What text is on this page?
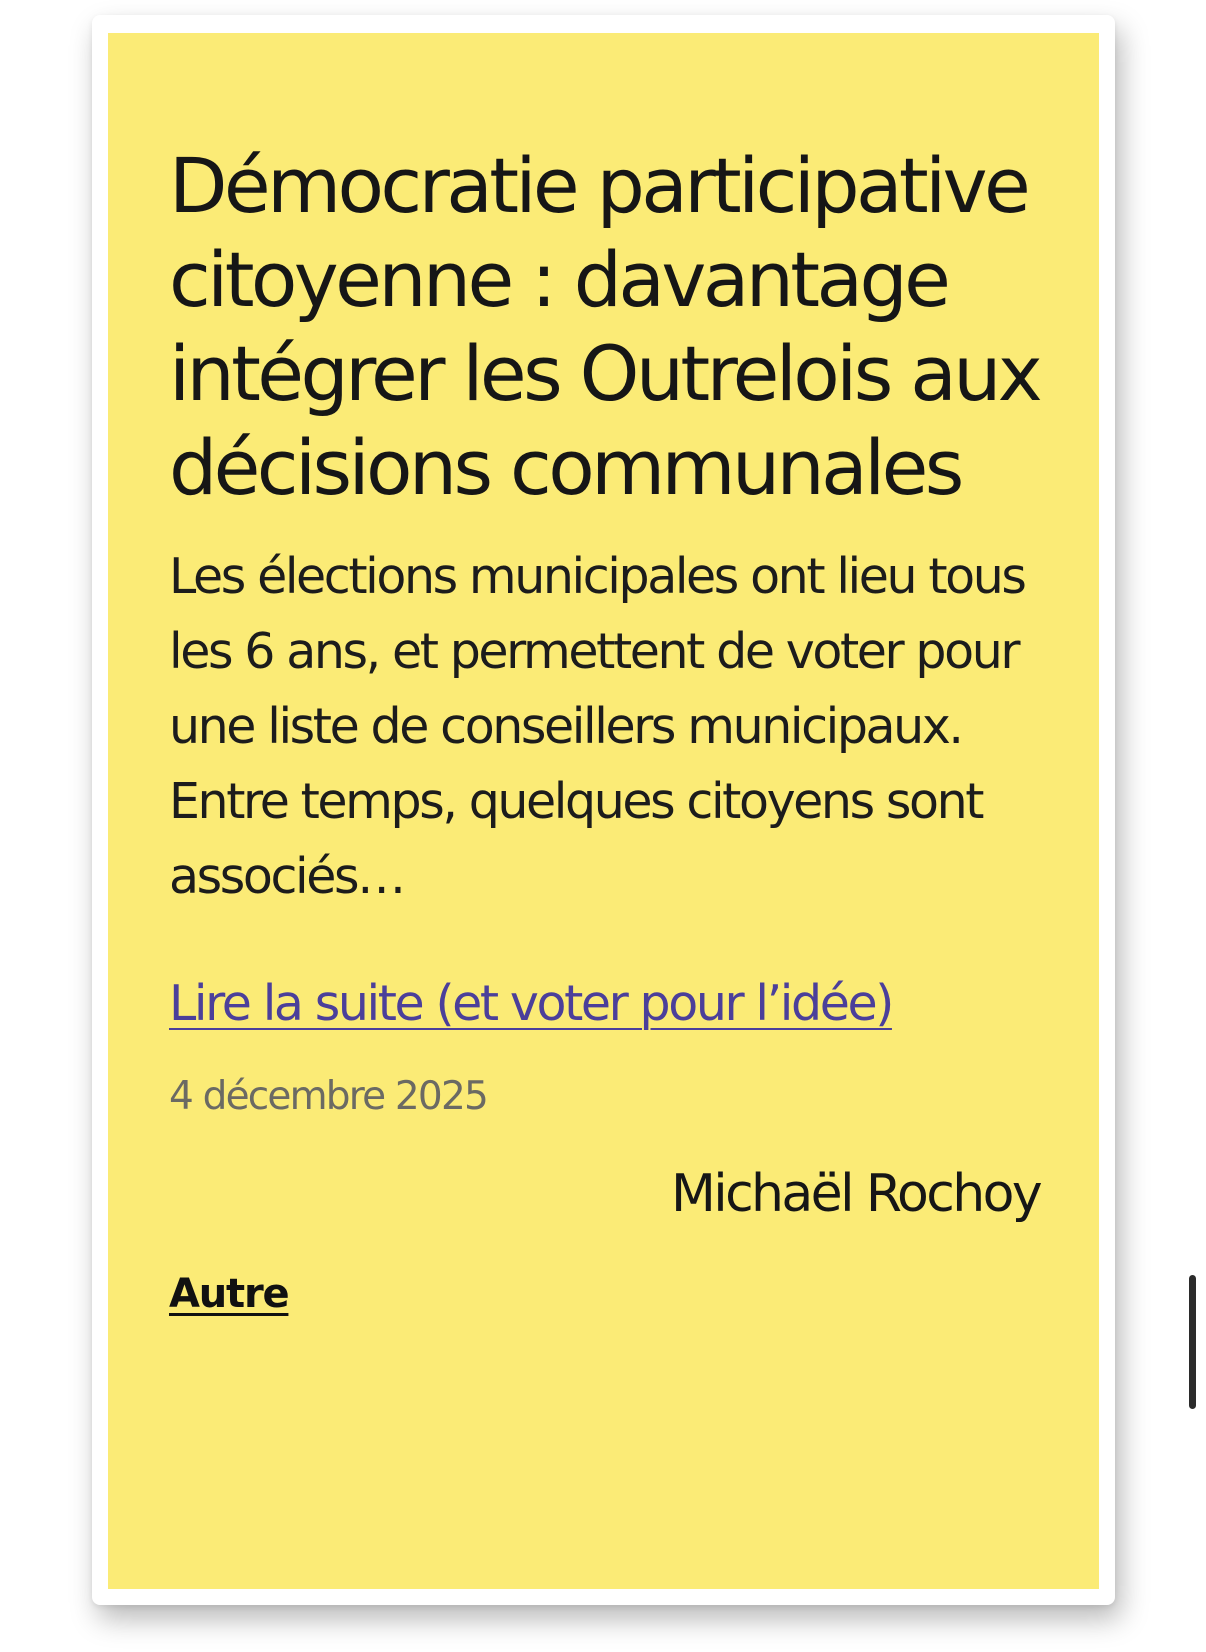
Démocratie participative citoyenne : davantage intégrer les Outrelois aux décisions communales

Les élections municipales ont lieu tous les 6 ans, et permettent de voter pour une liste de conseillers municipaux. Entre temps, quelques citoyens sont associés…

Lire la suite (et voter pour l’idée)
4 décembre 2025
Michaël Rochoy
Autre
